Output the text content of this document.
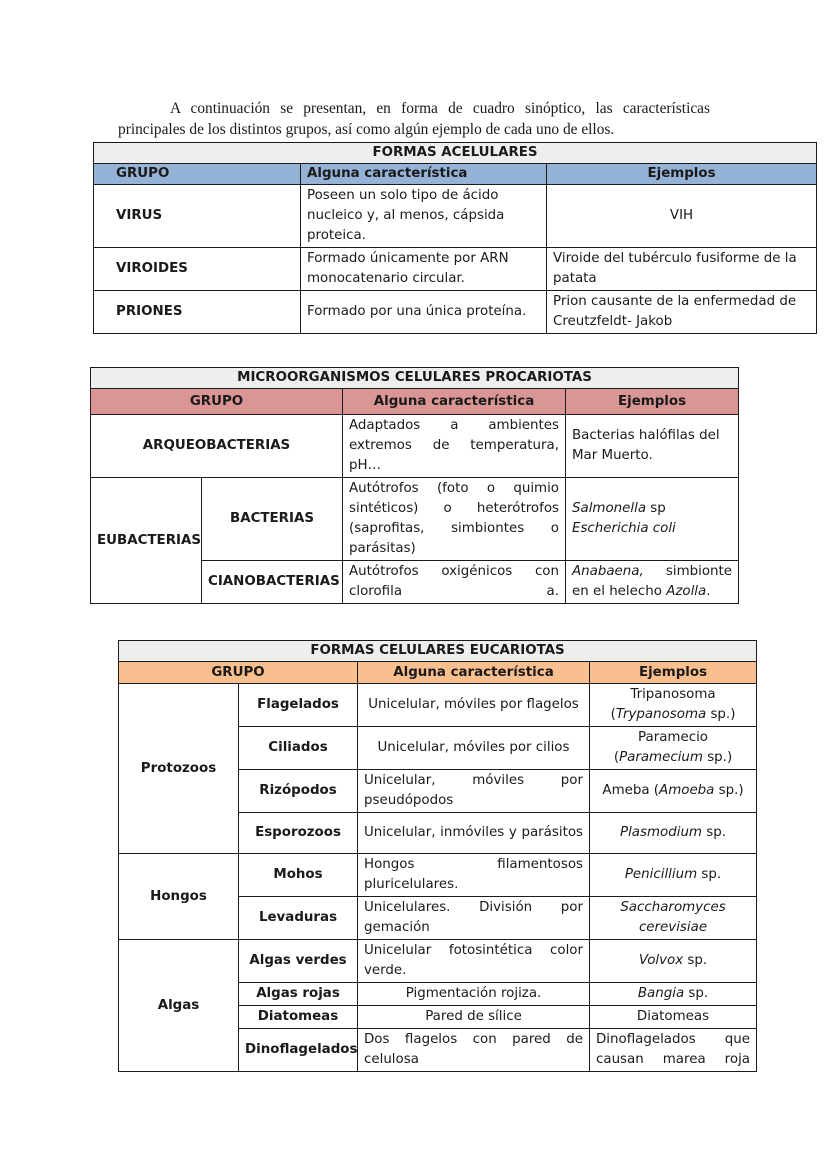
A continuación se presentan, en forma de cuadro sinóptico, las características principales de los distintos grupos, así como algún ejemplo de cada uno de ellos.

FORMAS ACELULARES		
GRUPO	Alguna característica	Ejemplos
VIRUS	Poseen un solo tipo de ácido nucleico y, al menos, cápsida proteica.	VIH
VIROIDES	Formado únicamente por ARN monocatenario circular.	Viroide del tubérculo fusiforme de la patata
PRIONES	Formado por una única proteína.	Prion causante de la enfermedad de Creutzfeldt- Jakob
MICROORGANISMOS CELULARES PROCARIOTAS			
GRUPO		Alguna característica	Ejemplos
ARQUEOBACTERIAS		Adaptados a ambientes extremos de temperatura, pH…	Bacterias halófilas del Mar Muerto.
EUBACTERIAS	BACTERIAS	Autótrofos (foto o quimio sintéticos) o heterótrofos (saprofitas, simbiontes o parásitas)	Salmonella sp
Escherichia coli
	CIANOBACTERIAS	Autótrofos oxigénicos con clorofila a.	Anabaena, simbionte en el helecho Azolla.
FORMAS CELULARES EUCARIOTAS			
GRUPO		Alguna característica	Ejemplos
Protozoos	Flagelados	Unicelular, móviles por flagelos	Tripanosoma
(Trypanosoma sp.)
	Ciliados	Unicelular, móviles por cilios	Paramecio
(Paramecium sp.)
	Rizópodos	Unicelular, móviles por pseudópodos	Ameba (Amoeba sp.)
	Esporozoos	Unicelular, inmóviles y parásitos	Plasmodium sp.
Hongos	Mohos	Hongos filamentosos pluricelulares.	Penicillium sp.
	Levaduras	Unicelulares. División por gemación	Saccharomyces
cerevisiae
Algas	Algas verdes	Unicelular fotosintética color verde.	Volvox sp.
	Algas rojas	Pigmentación rojiza.	Bangia sp.
	Diatomeas	Pared de sílice	Diatomeas
	Dinoflagelados	Dos flagelos con pared de celulosa	Dinoflagelados que causan marea roja
